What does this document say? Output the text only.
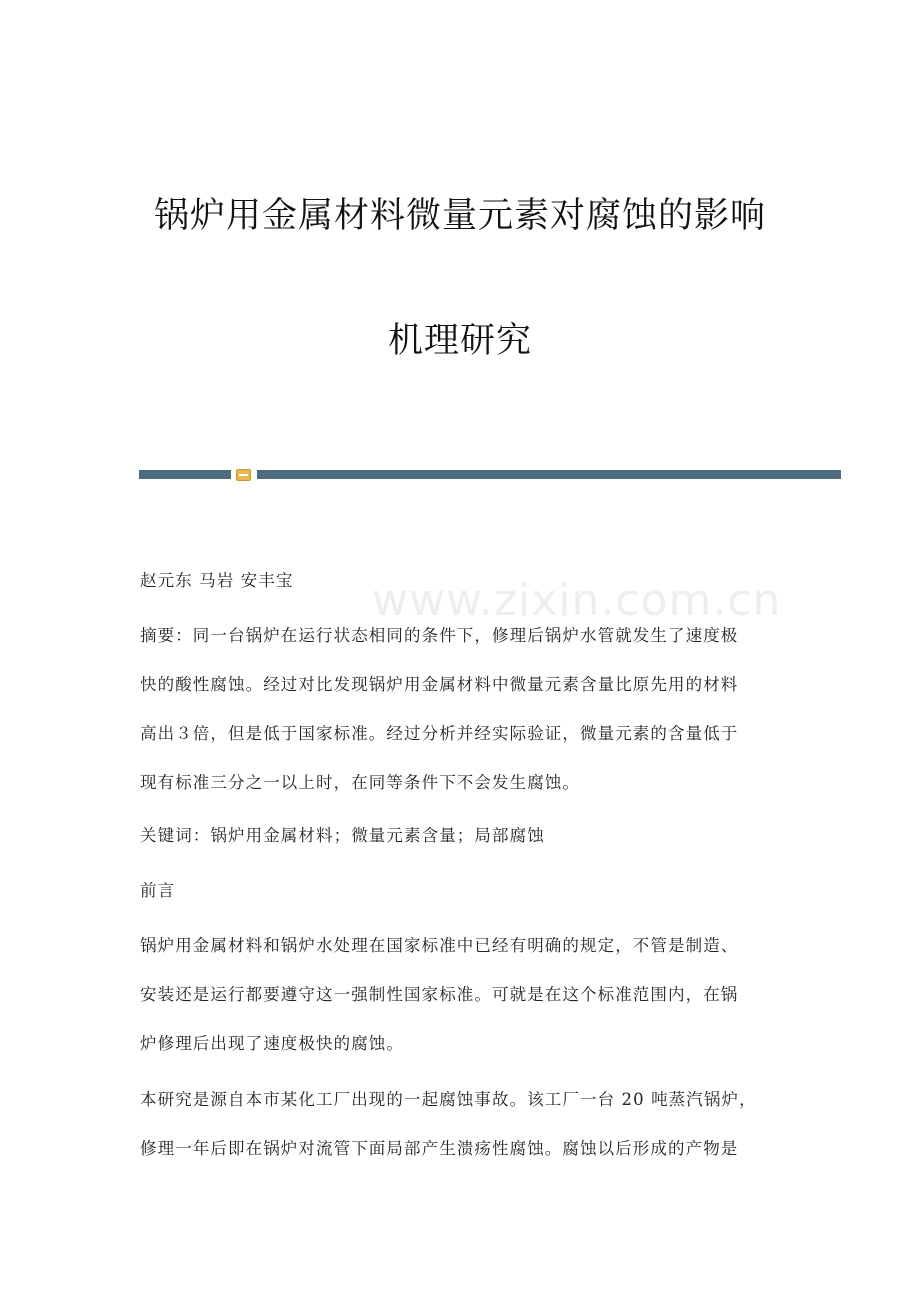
锅炉用金属材料微量元素对腐蚀的影响
机理研究
www.zixin.com.cn
赵元东 马岩 安丰宝
摘要：同一台锅炉在运行状态相同的条件下，修理后锅炉水管就发生了速度极
快的酸性腐蚀。经过对比发现锅炉用金属材料中微量元素含量比原先用的材料
高出３倍，但是低于国家标准。经过分析并经实际验证，微量元素的含量低于
现有标准三分之一以上时，在同等条件下不会发生腐蚀。
关键词：锅炉用金属材料；微量元素含量；局部腐蚀
前言
锅炉用金属材料和锅炉水处理在国家标准中已经有明确的规定，不管是制造、
安装还是运行都要遵守这一强制性国家标准。可就是在这个标准范围内，在锅
炉修理后出现了速度极快的腐蚀。
本研究是源自本市某化工厂出现的一起腐蚀事故。该工厂一台 20 吨蒸汽锅炉，
修理一年后即在锅炉对流管下面局部产生溃疡性腐蚀。腐蚀以后形成的产物是
